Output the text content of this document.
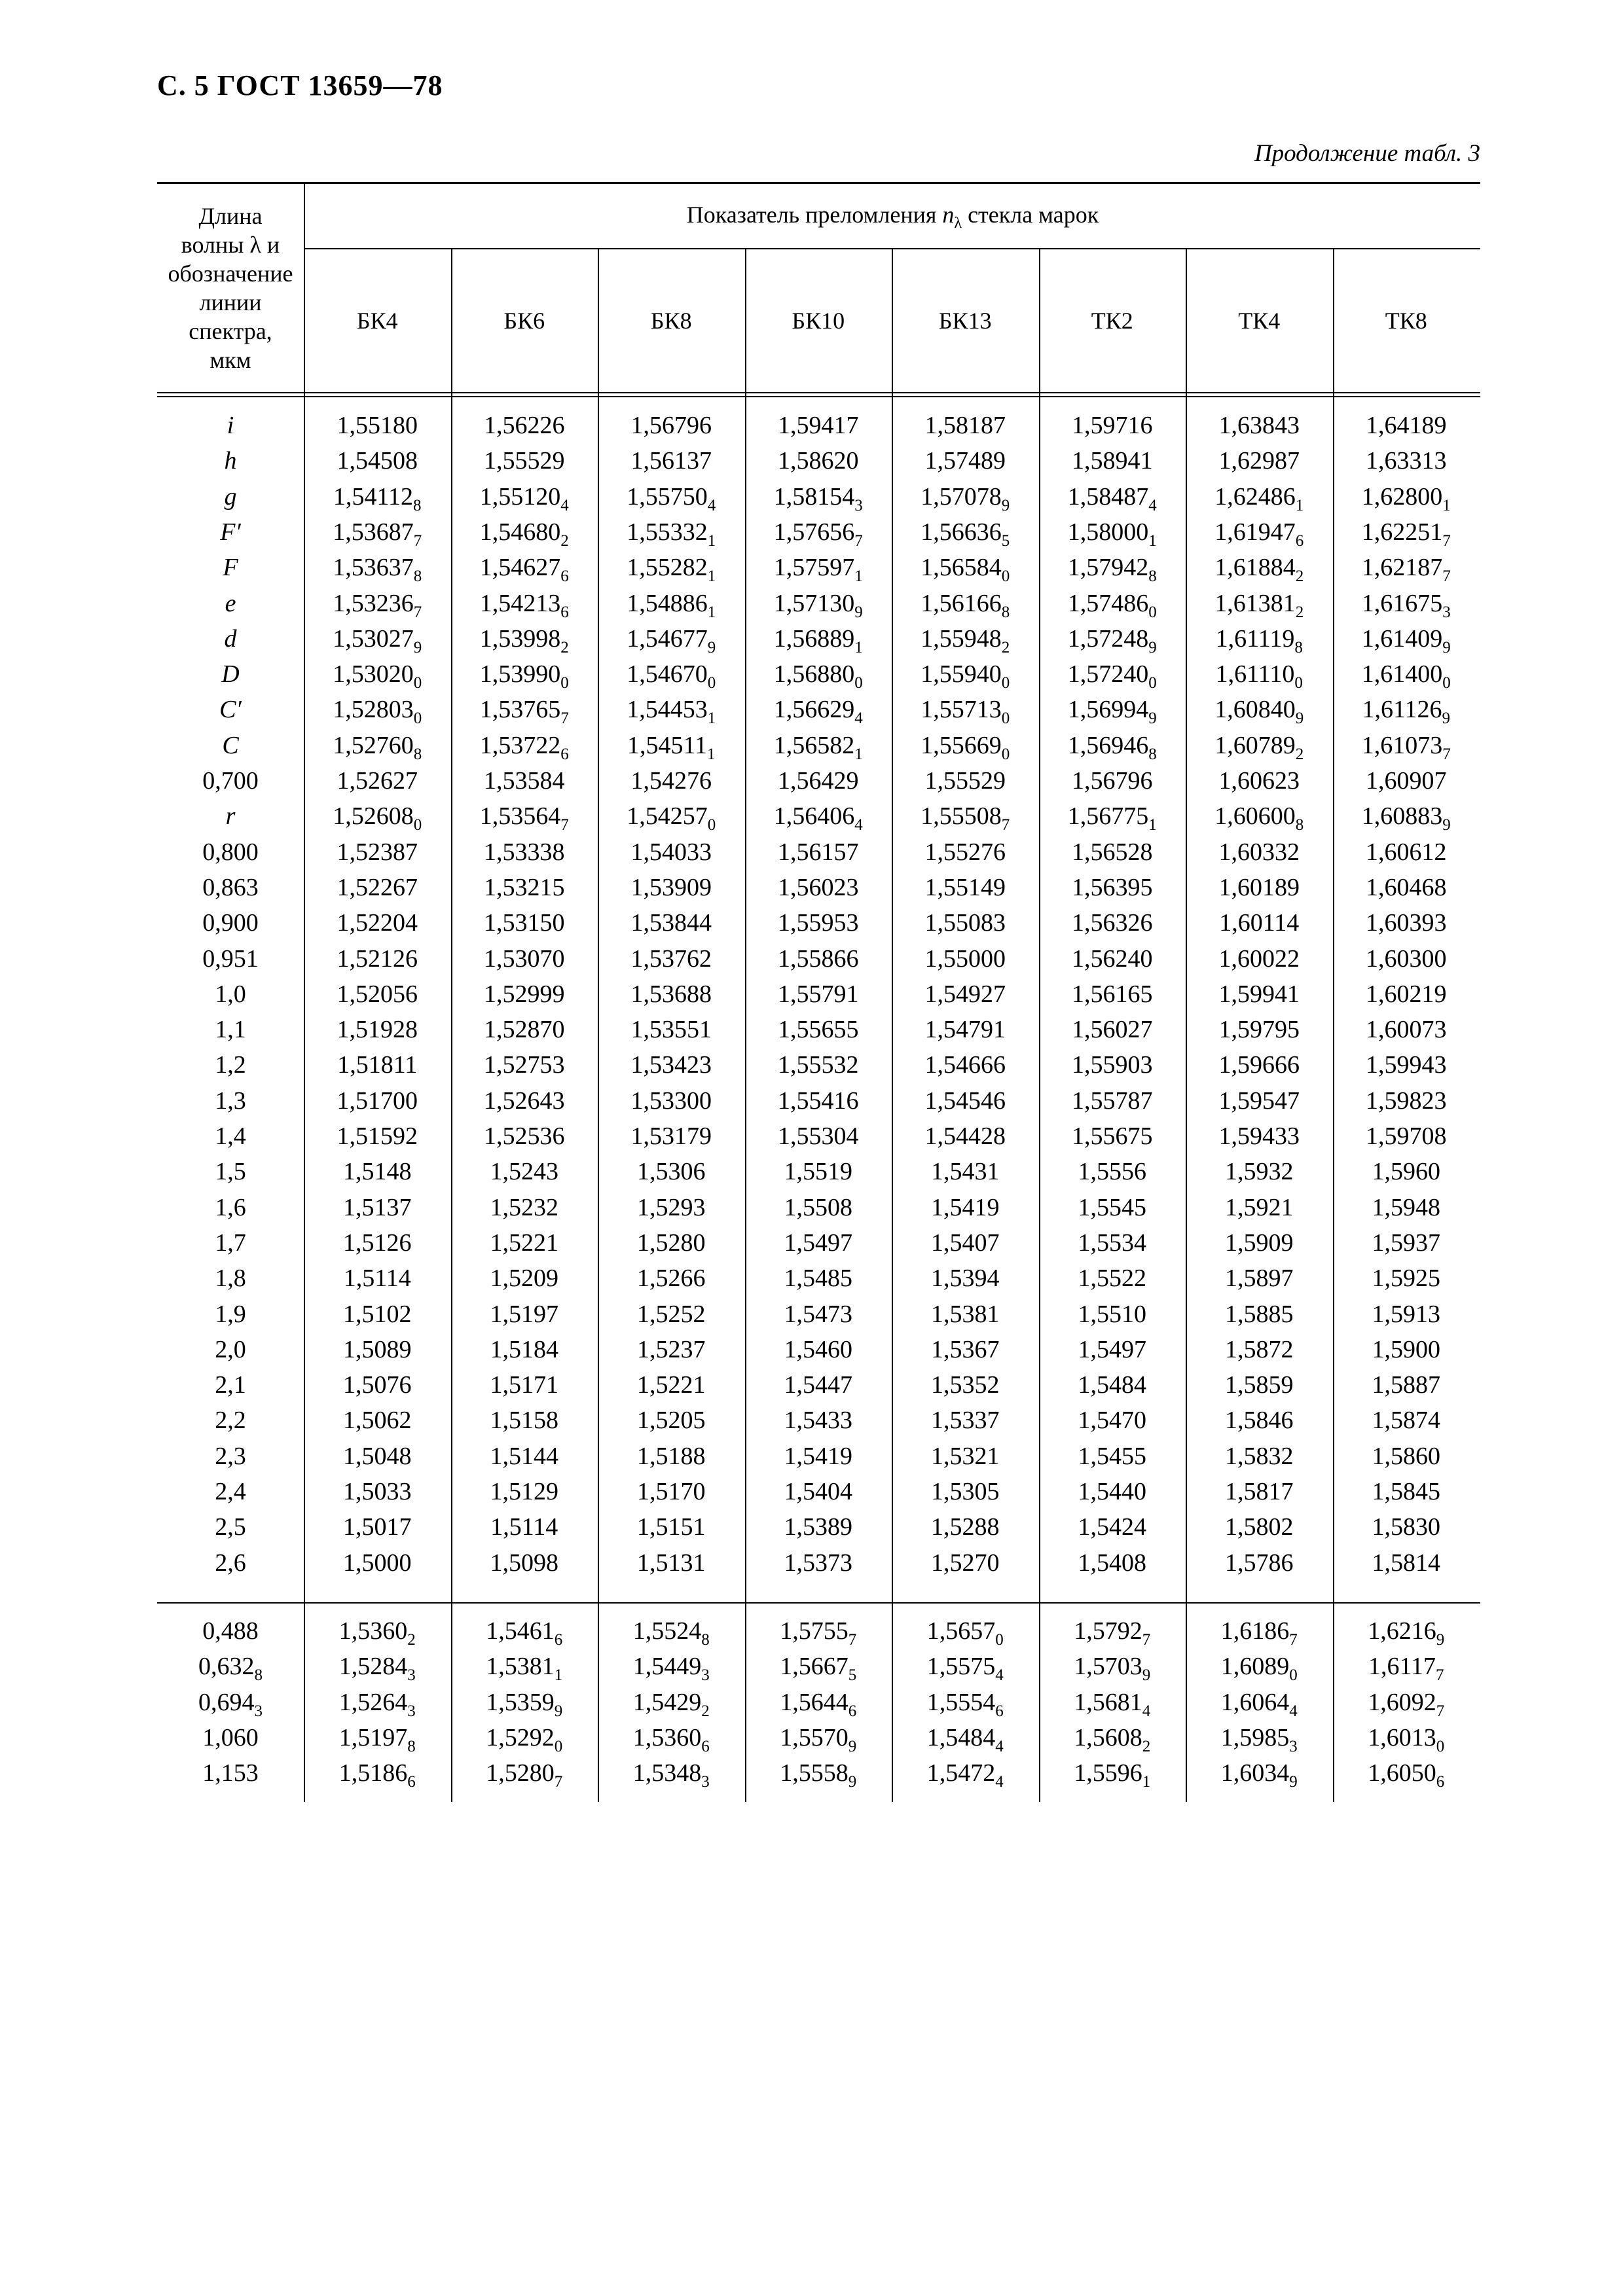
С. 5 ГОСТ 13659—78
Продолжение табл. 3
Длина
волны λ и
обозначение
линии
спектра,
мкм
Показатель преломления $n_\lambda$ стекла марок
БК4	БК6	БК8	БК10	БК13	ТК2	ТК4	ТК8
i	1,55180	1,56226	1,56796	1,59417	1,58187	1,59716	1,63843	1,64189
h	1,54508	1,55529	1,56137	1,58620	1,57489	1,58941	1,62987	1,63313
g	$1,54112_8$	$1,55120_4$	$1,55750_4$	$1,58154_3$	$1,57078_9$	$1,58487_4$	$1,62486_1$	$1,62800_1$
F′	$1,53687_7$	$1,54680_2$	$1,55332_1$	$1,57656_7$	$1,56636_5$	$1,58000_1$	$1,61947_6$	$1,62251_7$
F	$1,53637_8$	$1,54627_6$	$1,55282_1$	$1,57597_1$	$1,56584_0$	$1,57942_8$	$1,61884_2$	$1,62187_7$
e	$1,53236_7$	$1,54213_6$	$1,54886_1$	$1,57130_9$	$1,56166_8$	$1,57486_0$	$1,61381_2$	$1,61675_3$
d	$1,53027_9$	$1,53998_2$	$1,54677_9$	$1,56889_1$	$1,55948_2$	$1,57248_9$	$1,61119_8$	$1,61409_9$
D	$1,53020_0$	$1,53990_0$	$1,54670_0$	$1,56880_0$	$1,55940_0$	$1,57240_0$	$1,61110_0$	$1,61400_0$
C′	$1,52803_0$	$1,53765_7$	$1,54453_1$	$1,56629_4$	$1,55713_0$	$1,56994_9$	$1,60840_9$	$1,61126_9$
C	$1,52760_8$	$1,53722_6$	$1,54511_1$	$1,56582_1$	$1,55669_0$	$1,56946_8$	$1,60789_2$	$1,61073_7$
0,700	1,52627	1,53584	1,54276	1,56429	1,55529	1,56796	1,60623	1,60907
r	$1,52608_0$	$1,53564_7$	$1,54257_0$	$1,56406_4$	$1,55508_7$	$1,56775_1$	$1,60600_8$	$1,60883_9$
0,800	1,52387	1,53338	1,54033	1,56157	1,55276	1,56528	1,60332	1,60612
0,863	1,52267	1,53215	1,53909	1,56023	1,55149	1,56395	1,60189	1,60468
0,900	1,52204	1,53150	1,53844	1,55953	1,55083	1,56326	1,60114	1,60393
0,951	1,52126	1,53070	1,53762	1,55866	1,55000	1,56240	1,60022	1,60300
1,0	1,52056	1,52999	1,53688	1,55791	1,54927	1,56165	1,59941	1,60219
1,1	1,51928	1,52870	1,53551	1,55655	1,54791	1,56027	1,59795	1,60073
1,2	1,51811	1,52753	1,53423	1,55532	1,54666	1,55903	1,59666	1,59943
1,3	1,51700	1,52643	1,53300	1,55416	1,54546	1,55787	1,59547	1,59823
1,4	1,51592	1,52536	1,53179	1,55304	1,54428	1,55675	1,59433	1,59708
1,5	1,5148	1,5243	1,5306	1,5519	1,5431	1,5556	1,5932	1,5960
1,6	1,5137	1,5232	1,5293	1,5508	1,5419	1,5545	1,5921	1,5948
1,7	1,5126	1,5221	1,5280	1,5497	1,5407	1,5534	1,5909	1,5937
1,8	1,5114	1,5209	1,5266	1,5485	1,5394	1,5522	1,5897	1,5925
1,9	1,5102	1,5197	1,5252	1,5473	1,5381	1,5510	1,5885	1,5913
2,0	1,5089	1,5184	1,5237	1,5460	1,5367	1,5497	1,5872	1,5900
2,1	1,5076	1,5171	1,5221	1,5447	1,5352	1,5484	1,5859	1,5887
2,2	1,5062	1,5158	1,5205	1,5433	1,5337	1,5470	1,5846	1,5874
2,3	1,5048	1,5144	1,5188	1,5419	1,5321	1,5455	1,5832	1,5860
2,4	1,5033	1,5129	1,5170	1,5404	1,5305	1,5440	1,5817	1,5845
2,5	1,5017	1,5114	1,5151	1,5389	1,5288	1,5424	1,5802	1,5830
2,6	1,5000	1,5098	1,5131	1,5373	1,5270	1,5408	1,5786	1,5814
0,488	$1,5360_2$	$1,5461_6$	$1,5524_8$	$1,5755_7$	$1,5657_0$	$1,5792_7$	$1,6186_7$	$1,6216_9$
$0,632_8$	$1,5284_3$	$1,5381_1$	$1,5449_3$	$1,5667_5$	$1,5575_4$	$1,5703_9$	$1,6089_0$	$1,6117_7$
$0,694_3$	$1,5264_3$	$1,5359_9$	$1,5429_2$	$1,5644_6$	$1,5554_6$	$1,5681_4$	$1,6064_4$	$1,6092_7$
1,060	$1,5197_8$	$1,5292_0$	$1,5360_6$	$1,5570_9$	$1,5484_4$	$1,5608_2$	$1,5985_3$	$1,6013_0$
1,153	$1,5186_6$	$1,5280_7$	$1,5348_3$	$1,5558_9$	$1,5472_4$	$1,5596_1$	$1,6034_9$	$1,6050_6$
